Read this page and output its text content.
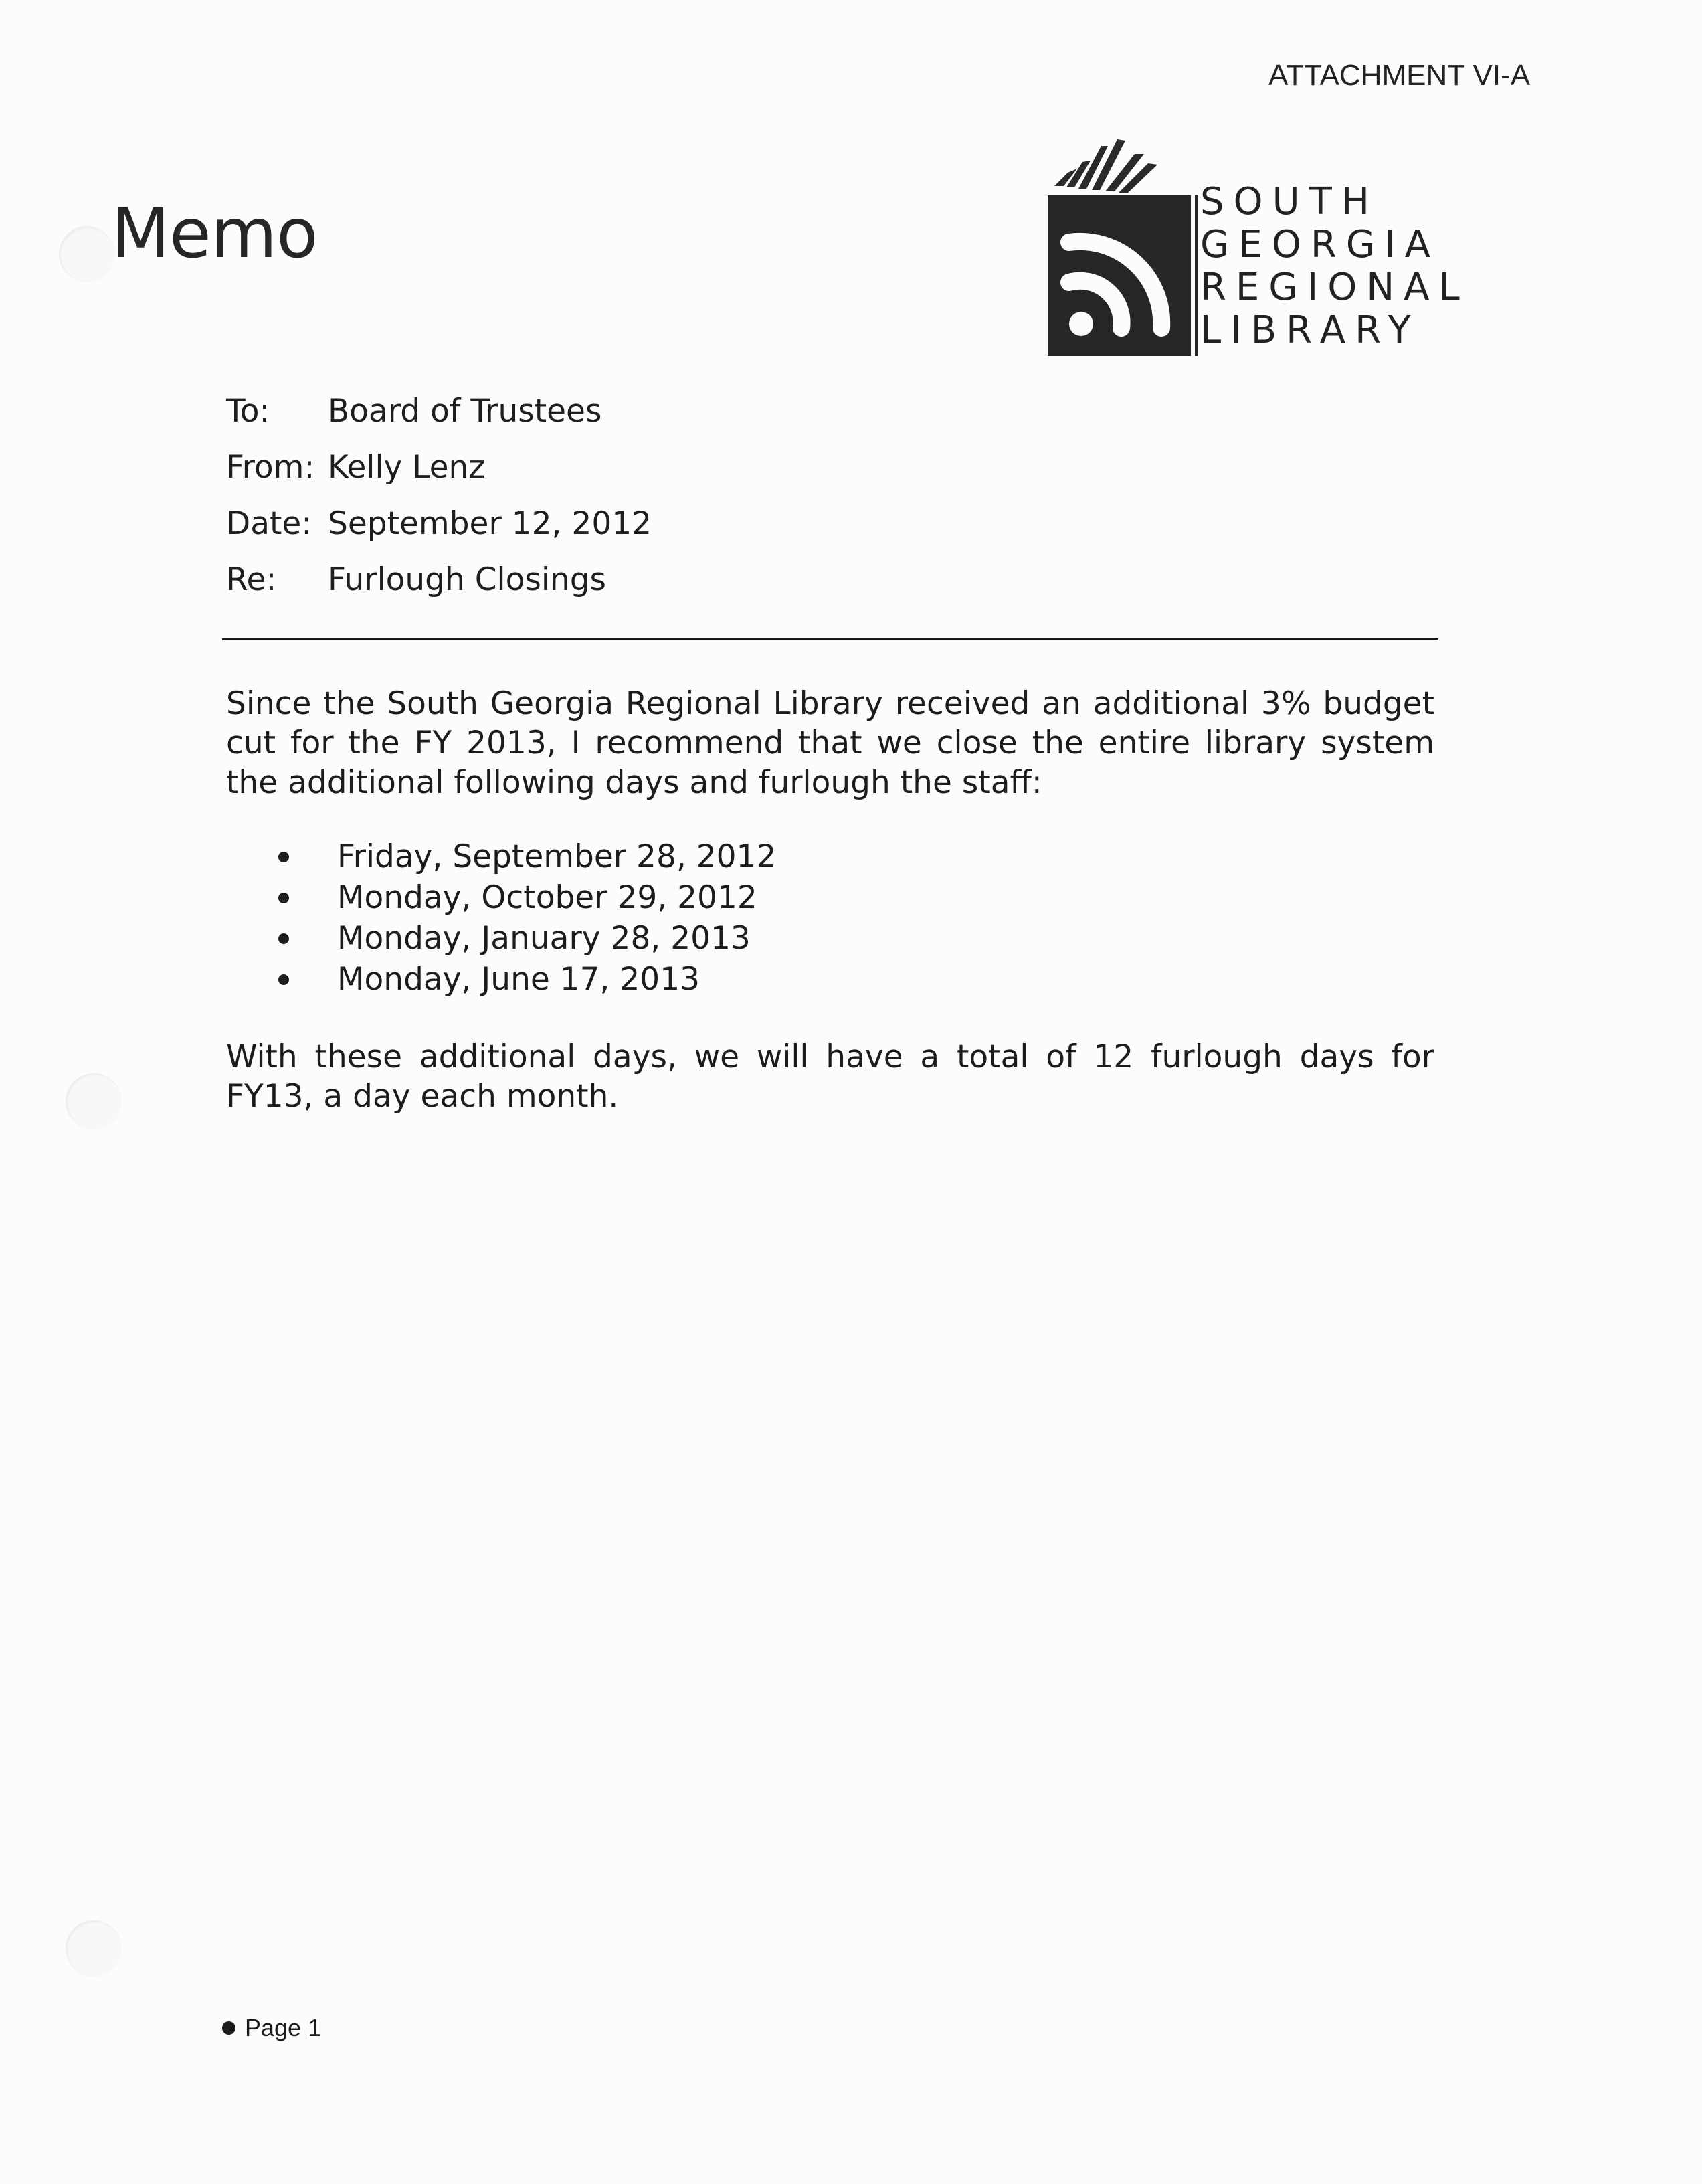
ATTACHMENT VI-A
Memo	SOUTH
GEORGIA
REGIONAL
LIBRARY
To:	Board of Trustees
From: Kelly Lenz
Date: September 12, 2012
Re:	Furlough Closings
Since the South Georgia Regional Library received an additional 3% budget cut for the FY 2013, I recommend that we close the entire library system the additional following days and furlough the staff:
Friday, September 28, 2012
Monday, October 29, 2012
Monday, January 28, 2013
Monday, June 17, 2013
With these additional days, we will have a total of 12 furlough days for FY13, a day each month.
Page 1
